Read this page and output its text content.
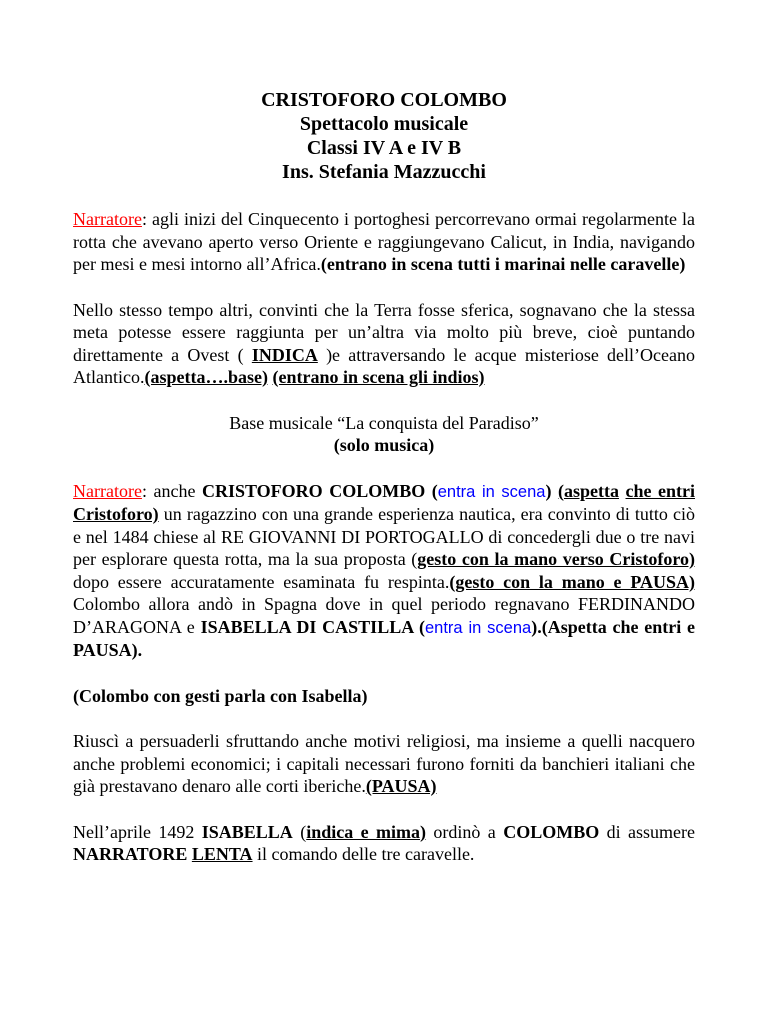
CRISTOFORO COLOMBO
Spettacolo musicale
Classi IV A e IV B
Ins. Stefania Mazzucchi

Narratore: agli inizi del Cinquecento i portoghesi percorrevano ormai regolarmente la rotta che avevano aperto verso Oriente e raggiungevano Calicut, in India, navigando per mesi e mesi intorno all’Africa.(entrano in scena tutti i marinai nelle caravelle)

Nello stesso tempo altri, convinti che la Terra fosse sferica, sognavano che la stessa meta potesse essere raggiunta per un’altra via molto più breve, cioè puntando direttamente a Ovest ( INDICA )e attraversando le acque misteriose dell’Oceano Atlantico.(aspetta….base) (entrano in scena gli indios)

Base musicale “La conquista del Paradiso”
(solo musica)

Narratore: anche CRISTOFORO COLOMBO (entra in scena) (aspetta che entri Cristoforo) un ragazzino con una grande esperienza nautica, era convinto di tutto ciò e nel 1484 chiese al RE GIOVANNI DI PORTOGALLO di concedergli due o tre navi per esplorare questa rotta, ma la sua proposta (gesto con la mano verso Cristoforo) dopo essere accuratamente esaminata fu respinta.(gesto con la mano e PAUSA) Colombo allora andò in Spagna dove in quel periodo regnavano FERDINANDO D’ARAGONA e ISABELLA DI CASTILLA (entra in scena).(Aspetta che entri e PAUSA).

(Colombo con gesti parla con Isabella)

Riuscì a persuaderli sfruttando anche motivi religiosi, ma insieme a quelli nacquero anche problemi economici; i capitali necessari furono forniti da banchieri italiani che già prestavano denaro alle corti iberiche.(PAUSA)

Nell’aprile 1492 ISABELLA (indica e mima) ordinò a COLOMBO di assumere NARRATORE LENTA il comando delle tre caravelle.
